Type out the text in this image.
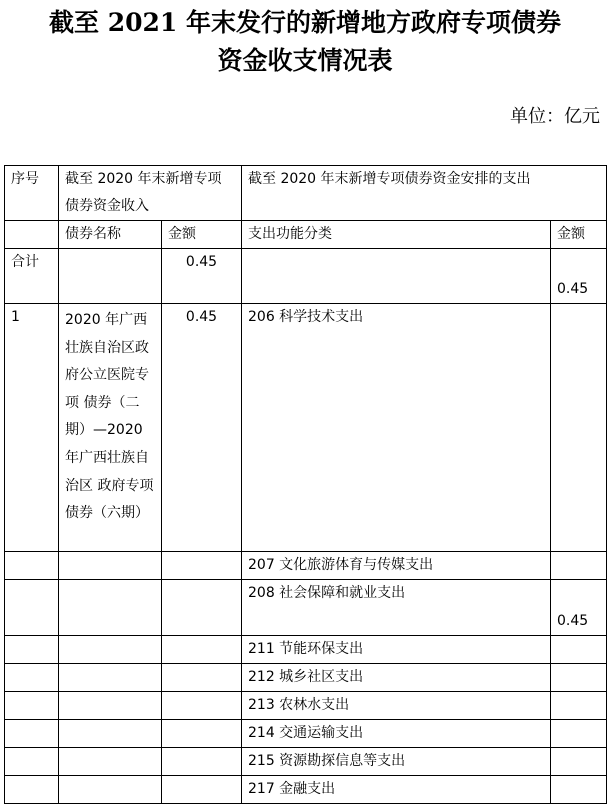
截至 2021 年末发行的新增地方政府专项债券
资金收支情况表
单位：亿元
序号	截至 2020 年末新增专项债券资金收入		截至 2020 年末新增专项债券资金安排的支出	
	债券名称	金额	支出功能分类	金额
合计		0.45		0.45
1	2020 年广西壮族自治区政府公立医院专项 债券（二期）—2020年广西壮族自治区 政府专项债券（六期）	0.45	206 科学技术支出	
			207 文化旅游体育与传媒支出	
			208 社会保障和就业支出	0.45
			211 节能环保支出	
			212 城乡社区支出	
			213 农林水支出	
			214 交通运输支出	
			215 资源勘探信息等支出	
			217 金融支出	
